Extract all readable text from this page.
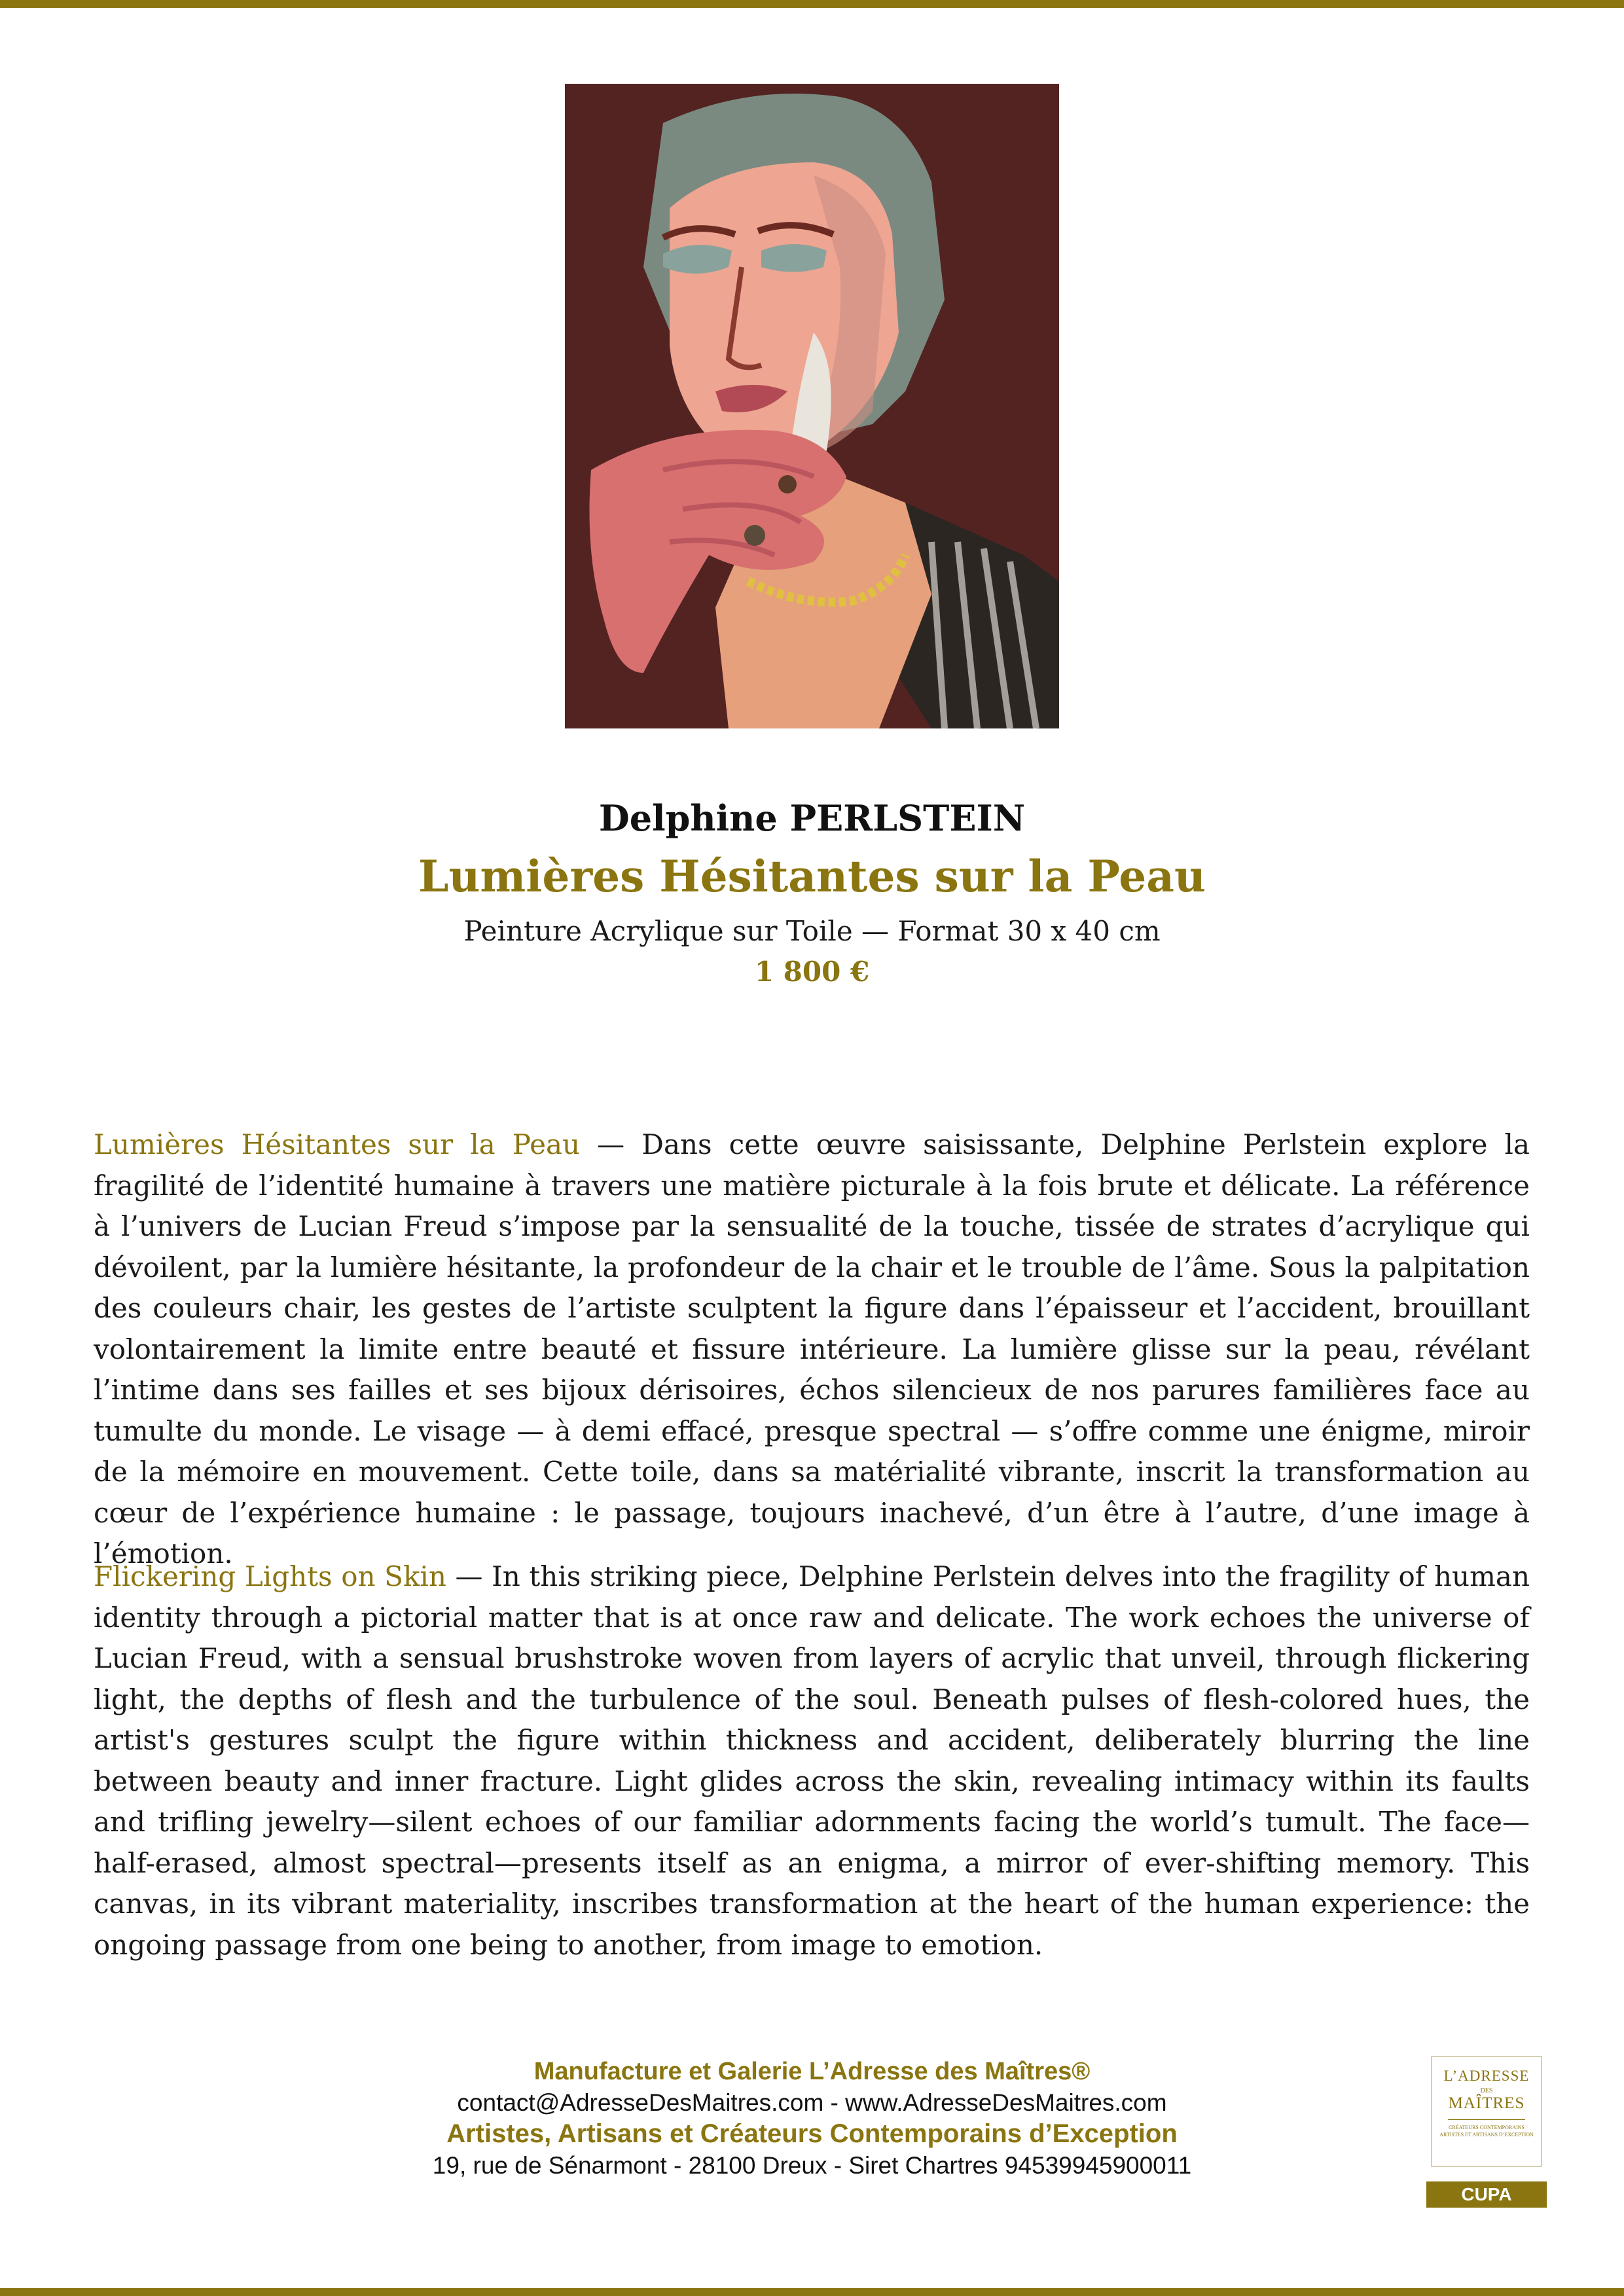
Delphine PERLSTEIN
Lumières Hésitantes sur la Peau
Peinture Acrylique sur Toile — Format 30 x 40 cm
1 800 €
Lumières Hésitantes sur la Peau — Dans cette œuvre saisissante, Delphine Perlstein explore la fragilité de l’identité humaine à travers une matière picturale à la fois brute et délicate. La référence à l’univers de Lucian Freud s’impose par la sensualité de la touche, tissée de strates d’acrylique qui dévoilent, par la lumière hésitante, la profondeur de la chair et le trouble de l’âme. Sous la palpitation des couleurs chair, les gestes de l’artiste sculptent la figure dans l’épaisseur et l’accident, brouillant volontairement la limite entre beauté et fissure intérieure. La lumière glisse sur la peau, révélant l’intime dans ses failles et ses bijoux dérisoires, échos silencieux de nos parures familières face au tumulte du monde. Le visage — à demi effacé, presque spectral — s’offre comme une énigme, miroir de la mémoire en mouvement. Cette toile, dans sa matérialité vibrante, inscrit la transformation au cœur de l’expérience humaine : le passage, toujours inachevé, d’un être à l’autre, d’une image à l’émotion.
Flickering Lights on Skin — In this striking piece, Delphine Perlstein delves into the fragility of human identity through a pictorial matter that is at once raw and delicate. The work echoes the universe of Lucian Freud, with a sensual brushstroke woven from layers of acrylic that unveil, through flickering light, the depths of flesh and the turbulence of the soul. Beneath pulses of flesh-colored hues, the artist's gestures sculpt the figure within thickness and accident, deliberately blurring the line between beauty and inner fracture. Light glides across the skin, revealing intimacy within its faults and trifling jewelry—silent echoes of our familiar adornments facing the world’s tumult. The face—half-erased, almost spectral—presents itself as an enigma, a mirror of ever-shifting memory. This canvas, in its vibrant materiality, inscribes transformation at the heart of the human experience: the ongoing passage from one being to another, from image to emotion.
Manufacture et Galerie L’Adresse des Maîtres®
contact@AdresseDesMaitres.com - www.AdresseDesMaitres.com
Artistes, Artisans et Créateurs Contemporains d’Exception
19, rue de Sénarmont - 28100 Dreux - Siret Chartres 94539945900011
L’ADRESSE
DES
MAÎTRES
CRÉATEURS CONTEMPORAINS ARTISTES ET ARTISANS D’EXCEPTION
CUPA
